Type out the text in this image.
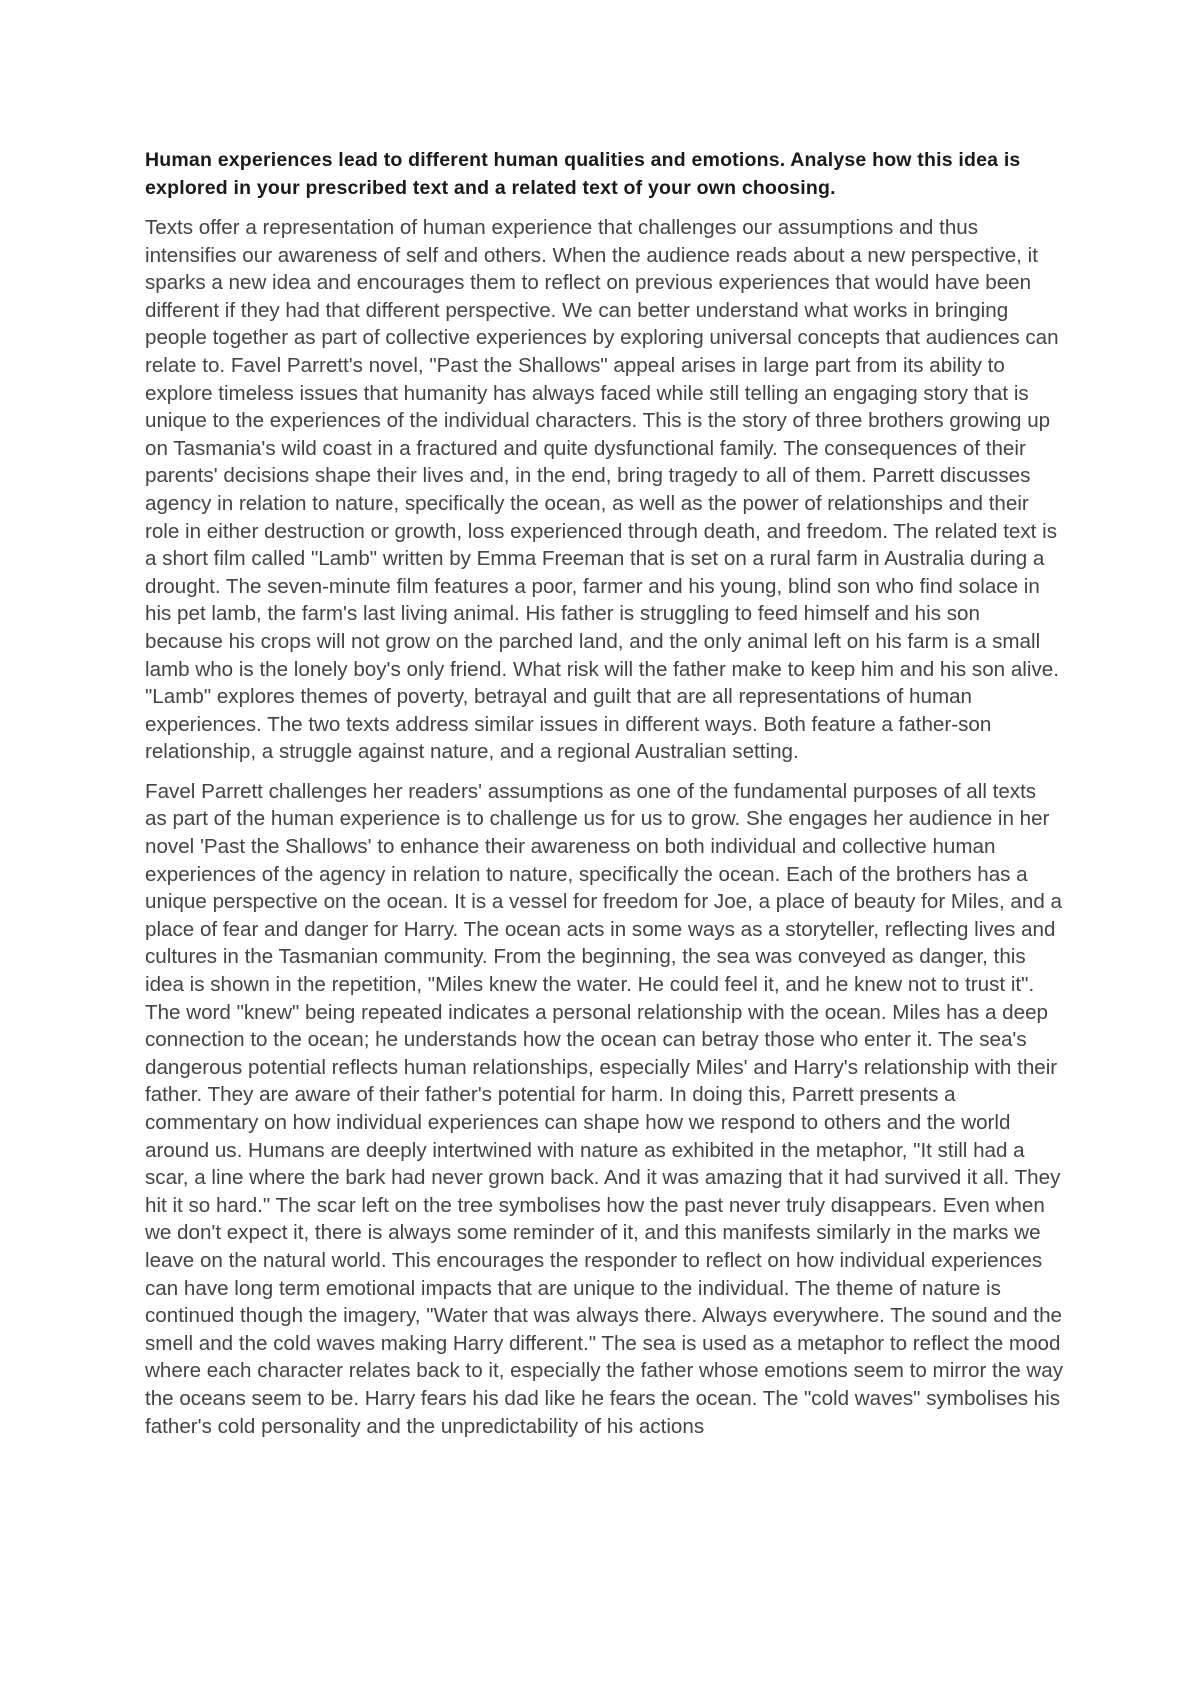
Human experiences lead to different human qualities and emotions. Analyse how this idea is explored in your prescribed text and a related text of your own choosing.

Texts offer a representation of human experience that challenges our assumptions and thus intensifies our awareness of self and others. When the audience reads about a new perspective, it sparks a new idea and encourages them to reflect on previous experiences that would have been different if they had that different perspective. We can better understand what works in bringing people together as part of collective experiences by exploring universal concepts that audiences can relate to. Favel Parrett's novel, "Past the Shallows" appeal arises in large part from its ability to explore timeless issues that humanity has always faced while still telling an engaging story that is unique to the experiences of the individual characters. This is the story of three brothers growing up on Tasmania's wild coast in a fractured and quite dysfunctional family. The consequences of their parents' decisions shape their lives and, in the end, bring tragedy to all of them. Parrett discusses agency in relation to nature, specifically the ocean, as well as the power of relationships and their role in either destruction or growth, loss experienced through death, and freedom. The related text is a short film called "Lamb" written by Emma Freeman that is set on a rural farm in Australia during a drought. The seven-minute film features a poor, farmer and his young, blind son who find solace in his pet lamb, the farm's last living animal. His father is struggling to feed himself and his son because his crops will not grow on the parched land, and the only animal left on his farm is a small lamb who is the lonely boy's only friend. What risk will the father make to keep him and his son alive. "Lamb" explores themes of poverty, betrayal and guilt that are all representations of human experiences. The two texts address similar issues in different ways. Both feature a father-son relationship, a struggle against nature, and a regional Australian setting.

Favel Parrett challenges her readers' assumptions as one of the fundamental purposes of all texts as part of the human experience is to challenge us for us to grow. She engages her audience in her novel 'Past the Shallows' to enhance their awareness on both individual and collective human experiences of the agency in relation to nature, specifically the ocean. Each of the brothers has a unique perspective on the ocean. It is a vessel for freedom for Joe, a place of beauty for Miles, and a place of fear and danger for Harry. The ocean acts in some ways as a storyteller, reflecting lives and cultures in the Tasmanian community. From the beginning, the sea was conveyed as danger, this idea is shown in the repetition, "Miles knew the water. He could feel it, and he knew not to trust it". The word "knew" being repeated indicates a personal relationship with the ocean. Miles has a deep connection to the ocean; he understands how the ocean can betray those who enter it. The sea's dangerous potential reflects human relationships, especially Miles' and Harry's relationship with their father. They are aware of their father's potential for harm. In doing this, Parrett presents a commentary on how individual experiences can shape how we respond to others and the world around us. Humans are deeply intertwined with nature as exhibited in the metaphor, "It still had a scar, a line where the bark had never grown back. And it was amazing that it had survived it all. They hit it so hard." The scar left on the tree symbolises how the past never truly disappears. Even when we don't expect it, there is always some reminder of it, and this manifests similarly in the marks we leave on the natural world. This encourages the responder to reflect on how individual experiences can have long term emotional impacts that are unique to the individual. The theme of nature is continued though the imagery, "Water that was always there. Always everywhere. The sound and the smell and the cold waves making Harry different." The sea is used as a metaphor to reflect the mood where each character relates back to it, especially the father whose emotions seem to mirror the way the oceans seem to be. Harry fears his dad like he fears the ocean. The "cold waves" symbolises his father's cold personality and the unpredictability of his actions
